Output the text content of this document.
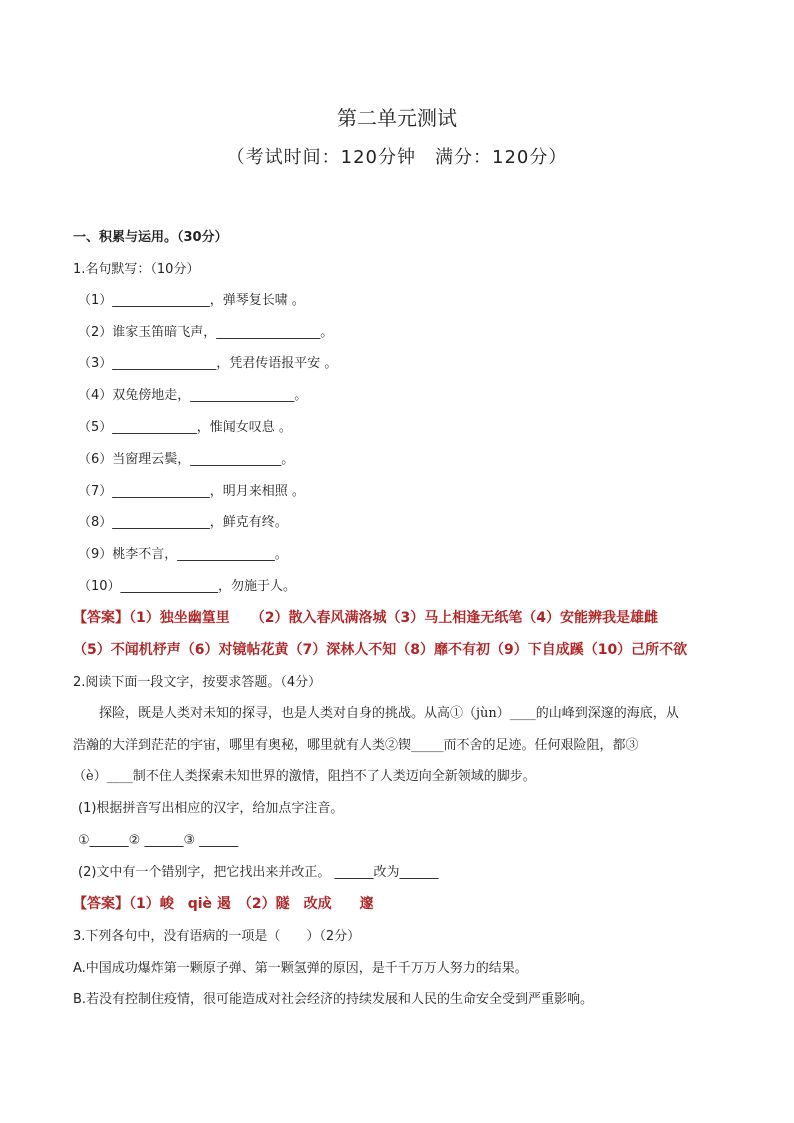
第二单元测试
（考试时间：120分钟　满分：120分）
一、积累与运用。（30分）
1.名句默写：（10分）
（1）_______________，弹琴复长啸 。
（2）谁家玉笛暗飞声，________________。
（3）________________，凭君传语报平安 。
（4）双兔傍地走，________________。
（5）_____________，惟闻女叹息 。
（6）当窗理云鬓，______________。
（7）_______________，明月来相照 。
（8）_______________，鲜克有终。
（9）桃李不言，_______________。
（10）_______________，勿施于人。
【答案】（1）独坐幽篁里　　（2）散入春风满洛城（3）马上相逢无纸笔（4）安能辨我是雄雌
（5）不闻机杼声（6）对镜帖花黄（7）深林人不知（8）靡不有初（9）下自成蹊（10）己所不欲
2.阅读下面一段文字，按要求答题。（4分）
　　探险，既是人类对未知的探寻，也是人类对自身的挑战。从高①（jùn）____的山峰到深邃的海底，从
浩瀚的大洋到茫茫的宇宙，哪里有奥秘，哪里就有人类②锲_____而不舍的足迹。任何艰险阻，都③
（è）____制不住人类探索未知世界的激情，阻挡不了人类迈向全新领域的脚步。
(1)根据拼音写出相应的汉字，给加点字注音。
①______② ______③ ______
(2)文中有一个错别字，把它找出来并改正。 ______改为______
【答案】（1）峻　qiè 遏　（2）隧　改成　　邃
3.下列各句中，没有语病的一项是（　　）（2分）
A.中国成功爆炸第一颗原子弹、第一颗氢弹的原因，是千千万万人努力的结果。
B.若没有控制住疫情，很可能造成对社会经济的持续发展和人民的生命安全受到严重影响。
